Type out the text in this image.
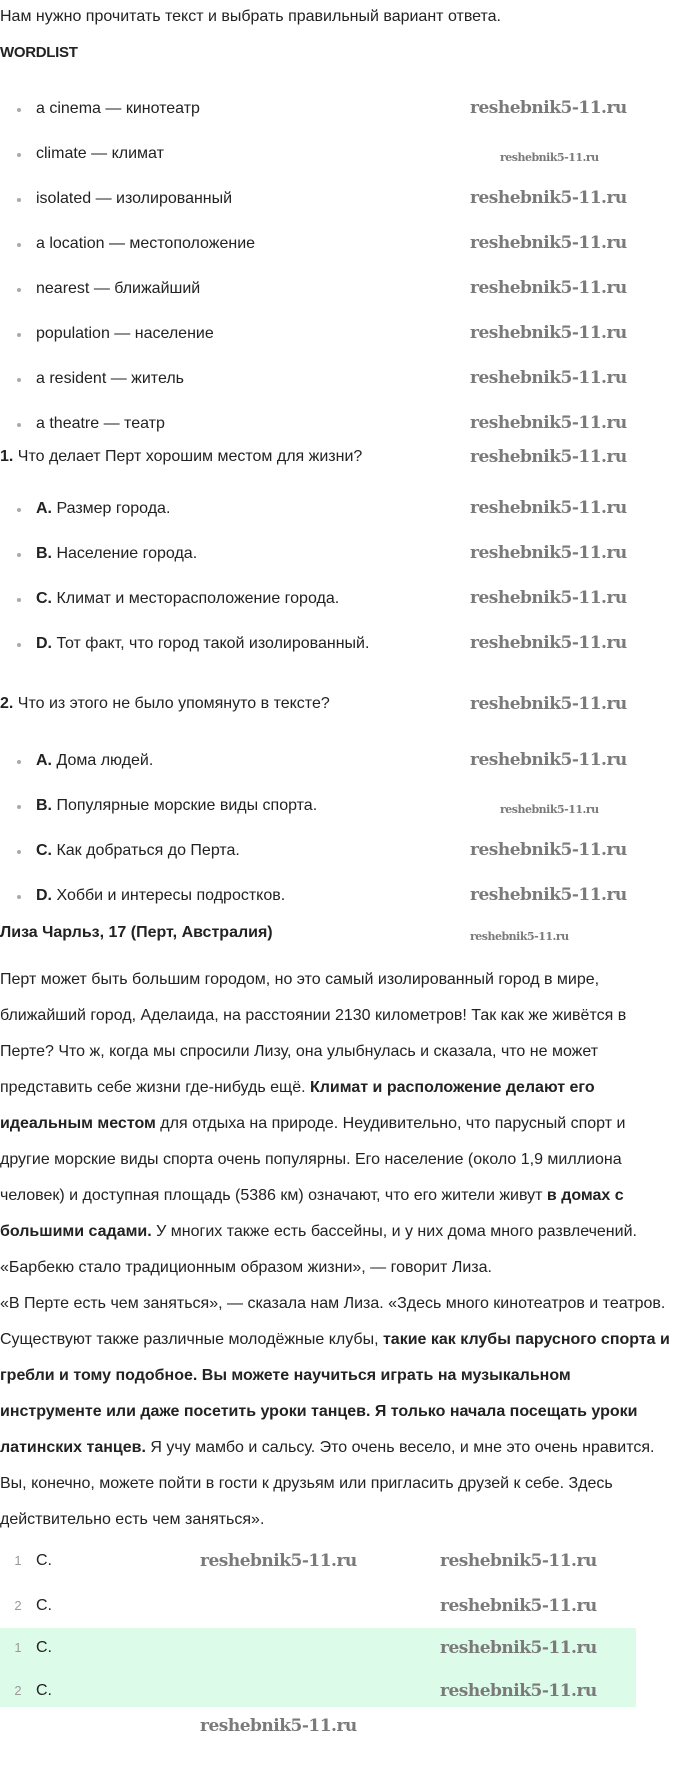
Нам нужно прочитать текст и выбрать правильный вариант ответа.
WORDLIST
a cinema — кинотеатр
climate — климат
isolated — изолированный
a location — местоположение
nearest — ближайший
population — население
a resident — житель
a theatre — театр
1. Что делает Перт хорошим местом для жизни?
A. Размер города.
B. Население города.
C. Климат и месторасположение города.
D. Тот факт, что город такой изолированный.
2. Что из этого не было упомянуто в тексте?
A. Дома людей.
B. Популярные морские виды спорта.
C. Как добраться до Перта.
D. Хобби и интересы подростков.
reshebnik5-11.ru
reshebnik5-11.ru
reshebnik5-11.ru
reshebnik5-11.ru
reshebnik5-11.ru
reshebnik5-11.ru
reshebnik5-11.ru
reshebnik5-11.ru
reshebnik5-11.ru
reshebnik5-11.ru
reshebnik5-11.ru
reshebnik5-11.ru
reshebnik5-11.ru
reshebnik5-11.ru
reshebnik5-11.ru
reshebnik5-11.ru
reshebnik5-11.ru
reshebnik5-11.ru
Лиза Чарльз, 17 (Перт, Австралия)	reshebnik5-11.ru

Перт может быть большим городом, но это самый изолированный город в мире, ближайший город, Аделаида, на расстоянии 2130 километров! Так как же живётся в Перте? Что ж, когда мы спросили Лизу, она улыбнулась и сказала, что не может представить себе жизни где-нибудь ещё. Климат и расположение делают его идеальным местом для отдыха на природе. Неудивительно, что парусный спорт и другие морские виды спорта очень популярны. Его население (около 1,9 миллиона человек) и доступная площадь (5386 км) означают, что его жители живут в домах с большими садами. У многих также есть бассейны, и у них дома много развлечений. «Барбекю стало традиционным образом жизни», — говорит Лиза.

«В Перте есть чем заняться», — сказала нам Лиза. «Здесь много кинотеатров и театров. Существуют также различные молодёжные клубы, такие как клубы парусного спорта и гребли и тому подобное. Вы можете научиться играть на музыкальном инструменте или даже посетить уроки танцев. Я только начала посещать уроки латинских танцев. Я учу мамбо и сальсу. Это очень весело, и мне это очень нравится. Вы, конечно, можете пойти в гости к друзьям или пригласить друзей к себе. Здесь действительно есть чем заняться».

1 C.	reshebnik5-11.ru	reshebnik5-11.ru
2 C.	reshebnik5-11.ru
1 C.	reshebnik5-11.ru
2 C.	reshebnik5-11.ru
reshebnik5-11.ru
